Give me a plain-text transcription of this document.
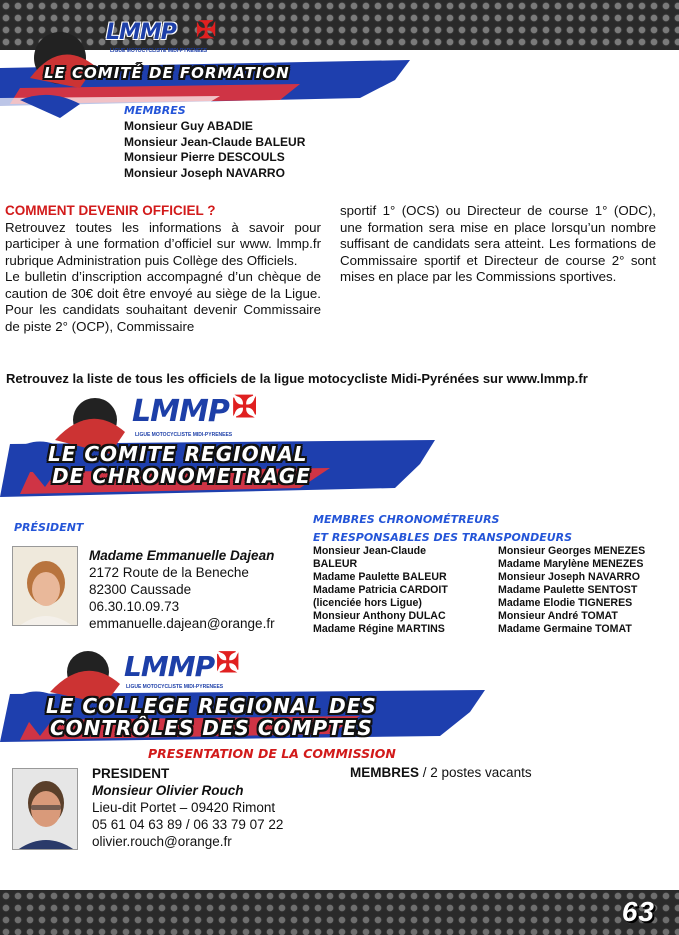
63
LMMP ✠
LIGUE MOTOCYCLISTE MIDI-PYRENEES
LE COMITÉ DE FORMATION
MEMBRES
Monsieur Guy ABADIE
Monsieur Jean-Claude BALEUR
Monsieur Pierre DESCOULS
Monsieur Joseph NAVARRO
COMMENT DEVENIR OFFICIEL ?
Retrouvez toutes les informations à savoir pour participer à une formation d’officiel sur www. lmmp.fr rubrique Administration puis Collège des Officiels.
Le bulletin d’inscription accompagné d’un chèque de caution de 30€ doit être envoyé au siège de la Ligue. Pour les candidats souhaitant devenir Commissaire de piste 2° (OCP), Commissaire
sportif 1° (OCS) ou Directeur de course 1° (ODC), une formation sera mise en place lorsqu’un nombre suffisant de candidats sera atteint. Les formations de Commissaire sportif et Directeur de course 2° sont mises en place par les Commissions sportives.
Retrouvez la liste de tous les officiels de la ligue motocycliste Midi-Pyrénées sur www.lmmp.fr
LMMP ✠
LIGUE MOTOCYCLISTE MIDI-PYRENEES
LE COMITE REGIONAL
DE CHRONOMETRAGE
PRÉSIDENT
Madame Emmanuelle Dajean
2172 Route de la Beneche
82300 Caussade
06.30.10.09.73
emmanuelle.dajean@orange.fr
MEMBRES CHRONOMÉTREURS
ET RESPONSABLES DES TRANSPONDEURS
Monsieur Jean-Claude
BALEUR
Madame Paulette BALEUR
Madame Patricia CARDOIT
(licenciée hors Ligue)
Monsieur Anthony DULAC
Madame Régine MARTINS
Monsieur Georges MENEZES
Madame Marylène MENEZES
Monsieur Joseph NAVARRO
Madame Paulette SENTOST
Madame Elodie TIGNERES
Monsieur André TOMAT
Madame Germaine TOMAT
LMMP ✠
LIGUE MOTOCYCLISTE MIDI-PYRENEES
LE COLLEGE REGIONAL DES
CONTRÔLES DES COMPTES
PRESENTATION DE LA COMMISSION
PRESIDENT
Monsieur Olivier Rouch
Lieu-dit Portet – 09420 Rimont
05 61 04 63 89 / 06 33 79 07 22
olivier.rouch@orange.fr
MEMBRES / 2 postes vacants
